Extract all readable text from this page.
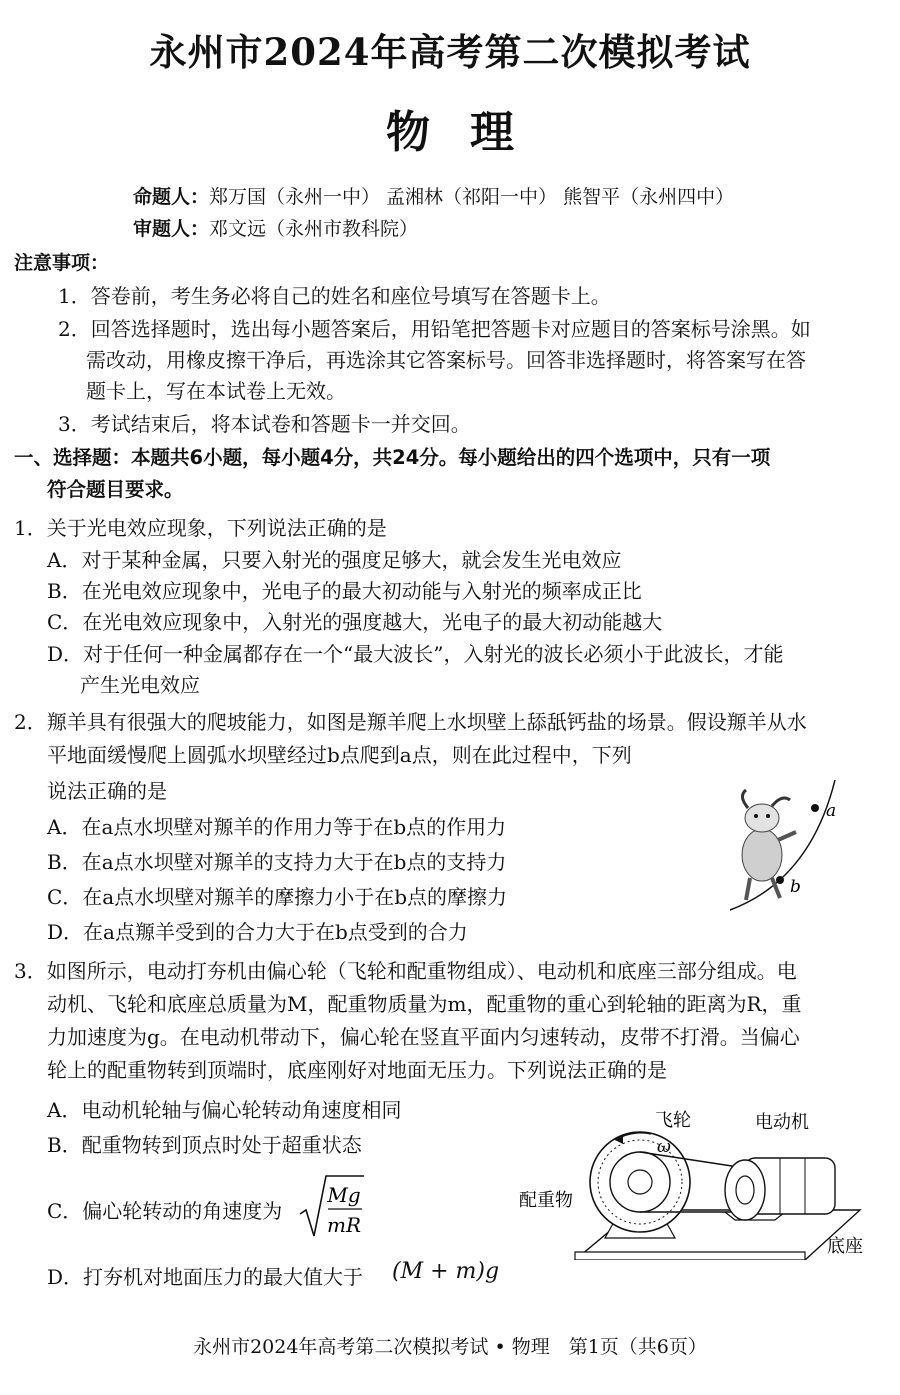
永州市2024年高考第二次模拟考试
物理
命题人：郑万国（永州一中） 孟湘林（祁阳一中） 熊智平（永州四中）
审题人：邓文远（永州市教科院）
注意事项：
1．答卷前，考生务必将自己的姓名和座位号填写在答题卡上。
2．回答选择题时，选出每小题答案后，用铅笔把答题卡对应题目的答案标号涂黑。如
需改动，用橡皮擦干净后，再选涂其它答案标号。回答非选择题时，将答案写在答
题卡上，写在本试卷上无效。
3．考试结束后，将本试卷和答题卡一并交回。
一、选择题：本题共6小题，每小题4分，共24分。每小题给出的四个选项中，只有一项
符合题目要求。
1．关于光电效应现象，下列说法正确的是
A．对于某种金属，只要入射光的强度足够大，就会发生光电效应
B．在光电效应现象中，光电子的最大初动能与入射光的频率成正比
C．在光电效应现象中，入射光的强度越大，光电子的最大初动能越大
D．对于任何一种金属都存在一个“最大波长”，入射光的波长必须小于此波长，才能
产生光电效应
2．羱羊具有很强大的爬坡能力，如图是羱羊爬上水坝壁上舔舐钙盐的场景。假设羱羊从水
平地面缓慢爬上圆弧水坝壁经过b点爬到a点，则在此过程中，下列
说法正确的是
A．在a点水坝壁对羱羊的作用力等于在b点的作用力
B．在a点水坝壁对羱羊的支持力大于在b点的支持力
C．在a点水坝壁对羱羊的摩擦力小于在b点的摩擦力
D．在a点羱羊受到的合力大于在b点受到的合力
a
b
3．如图所示，电动打夯机由偏心轮（飞轮和配重物组成）、电动机和底座三部分组成。电
动机、飞轮和底座总质量为M，配重物质量为m，配重物的重心到轮轴的距离为R，重
力加速度为g。在电动机带动下，偏心轮在竖直平面内匀速转动，皮带不打滑。当偏心
轮上的配重物转到顶端时，底座刚好对地面无压力。下列说法正确的是
A．电动机轮轴与偏心轮转动角速度相同
B．配重物转到顶点时处于超重状态
C．偏心轮转动的角速度为
Mg
mR
D．打夯机对地面压力的最大值大于 (M + m)g
飞轮	电动机
ω
配重物
底座
永州市2024年高考第二次模拟考试 • 物理　第1页（共6页）
